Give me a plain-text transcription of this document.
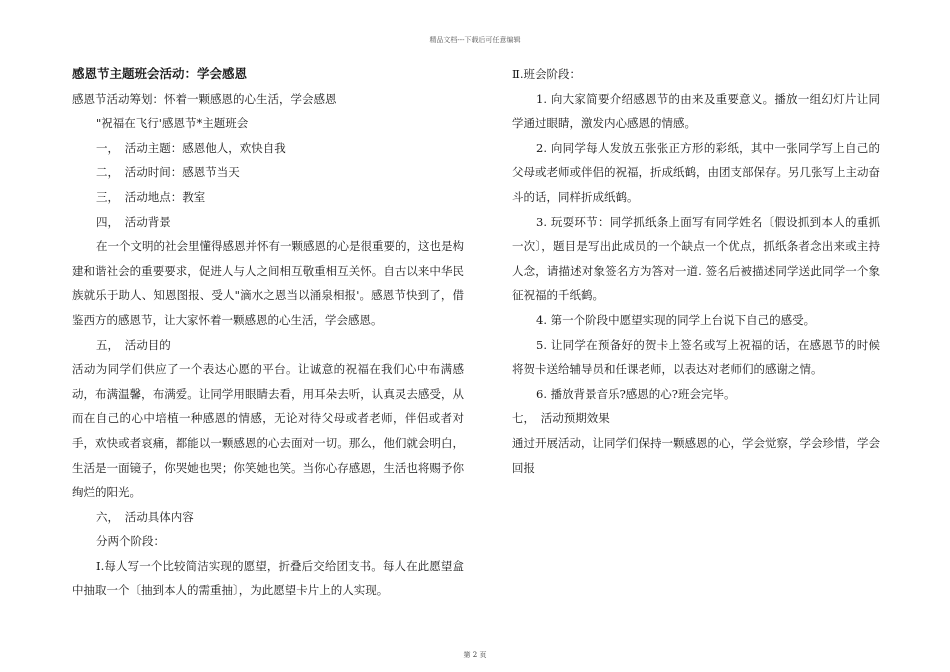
精品文档---下载后可任意编辑

感恩节主题班会活动：学会感恩

感恩节活动筹划：怀着一颗感恩的心生活，学会感恩

"祝福在飞行'感恩节*主题班会

一，　活动主题：感恩他人，欢快自我

二，　活动时间：感恩节当天

三，　活动地点：教室

四，　活动背景

在一个文明的社会里懂得感恩并怀有一颗感恩的心是很重要的，这也是构建和谐社会的重要要求，促进人与人之间相互敬重相互关怀。自古以来中华民族就乐于助人、知恩图报、受人"滴水之恩当以涌泉相报'。感恩节快到了，借鉴西方的感恩节，让大家怀着一颗感恩的心生活，学会感恩。

五，　活动目的

活动为同学们供应了一个表达心愿的平台。让诚意的祝福在我们心中布满感动，布满温馨，布满爱。让同学用眼睛去看，用耳朵去听，认真灵去感受，从而在自己的心中培植一种感恩的情感，无论对待父母或者老师，伴侣或者对手，欢快或者哀痛，都能以一颗感恩的心去面对一切。那么，他们就会明白，生活是一面镜子，你哭她也哭；你笑她也笑。当你心存感恩，生活也将赐予你绚烂的阳光。

六，　活动具体内容

分两个阶段：

Ⅰ.每人写一个比较简洁实现的愿望，折叠后交给团支书。每人在此愿望盒中抽取一个〔抽到本人的需重抽〕，为此愿望卡片上的人实现。

Ⅱ.班会阶段：

1. 向大家简要介绍感恩节的由来及重要意义。播放一组幻灯片让同学通过眼睛，激发内心感恩的情感。

2. 向同学每人发放五张张正方形的彩纸，其中一张同学写上自己的父母或老师或伴侣的祝福，折成纸鹤，由团支部保存。另几张写上主动奋斗的话，同样折成纸鹤。

3. 玩耍环节：同学抓纸条上面写有同学姓名〔假设抓到本人的重抓一次〕，题目是写出此成员的一个缺点一个优点，抓纸条者念出来或主持人念，请描述对象签名方为答对一道. 签名后被描述同学送此同学一个象征祝福的千纸鹤。

4. 第一个阶段中愿望实现的同学上台说下自己的感受。

5. 让同学在预备好的贺卡上签名或写上祝福的话，在感恩节的时候将贺卡送给辅导员和任课老师，以表达对老师们的感谢之情。

6. 播放背景音乐?感恩的心?班会完毕。

七，　活动预期效果

通过开展活动，让同学们保持一颗感恩的心，学会觉察，学会珍惜，学会回报

第 2 页
